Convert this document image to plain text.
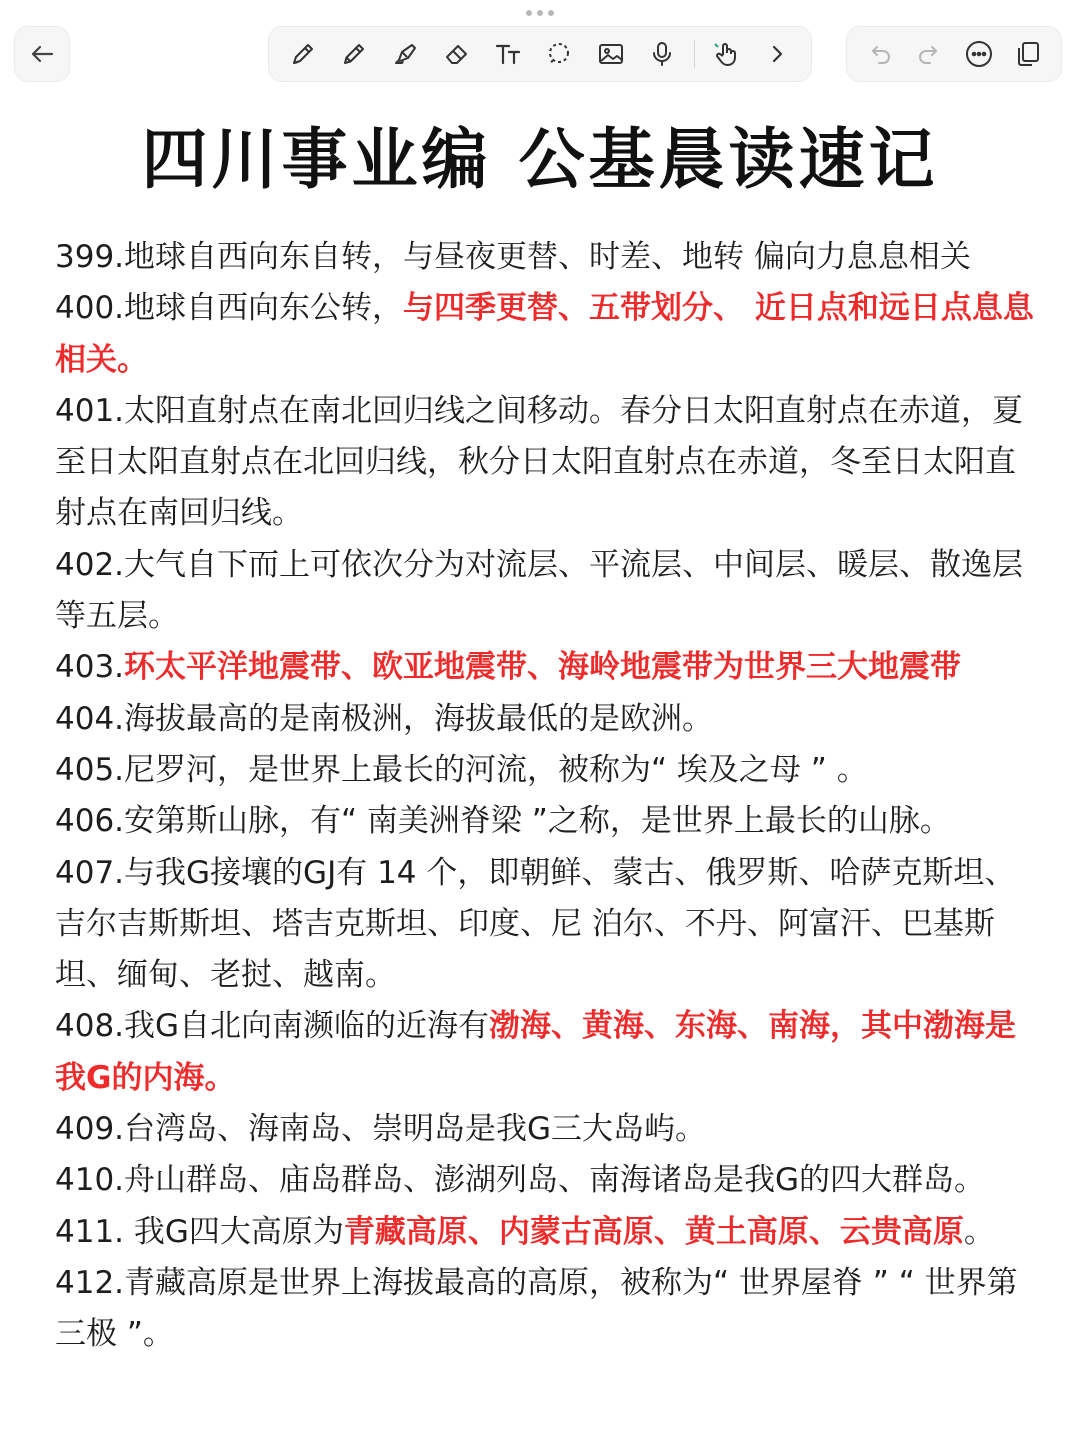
四川事业编 公基晨读速记

399.地球自西向东自转，与昼夜更替、时差、地转 偏向力息息相关

400.地球自西向东公转，与四季更替、五带划分、 近日点和远日点息息相关。

401.太阳直射点在南北回归线之间移动。春分日太阳直射点在赤道，夏至日太阳直射点在北回归线，秋分日太阳直射点在赤道，冬至日太阳直射点在南回归线。

402.大气自下而上可依次分为对流层、平流层、中间层、暖层、散逸层等五层。

403.环太平洋地震带、欧亚地震带、海岭地震带为世界三大地震带

404.海拔最高的是南极洲，海拔最低的是欧洲。

405.尼罗河，是世界上最长的河流，被称为“ 埃及之母 ” 。

406.安第斯山脉，有“ 南美洲脊梁 ”之称，是世界上最长的山脉。

407.与我G接壤的GJ有 14 个，即朝鲜、蒙古、俄罗斯、哈萨克斯坦、吉尔吉斯斯坦、塔吉克斯坦、印度、尼 泊尔、不丹、阿富汗、巴基斯坦、缅甸、老挝、越南。

408.我G自北向南濒临的近海有渤海、黄海、东海、南海，其中渤海是我G的内海。

409.台湾岛、海南岛、崇明岛是我G三大岛屿。

410.舟山群岛、庙岛群岛、澎湖列岛、南海诸岛是我G的四大群岛。

411. 我G四大高原为青藏高原、内蒙古高原、黄土高原、云贵高原。

412.青藏高原是世界上海拔最高的高原，被称为“ 世界屋脊 ” “ 世界第三极 ”。
